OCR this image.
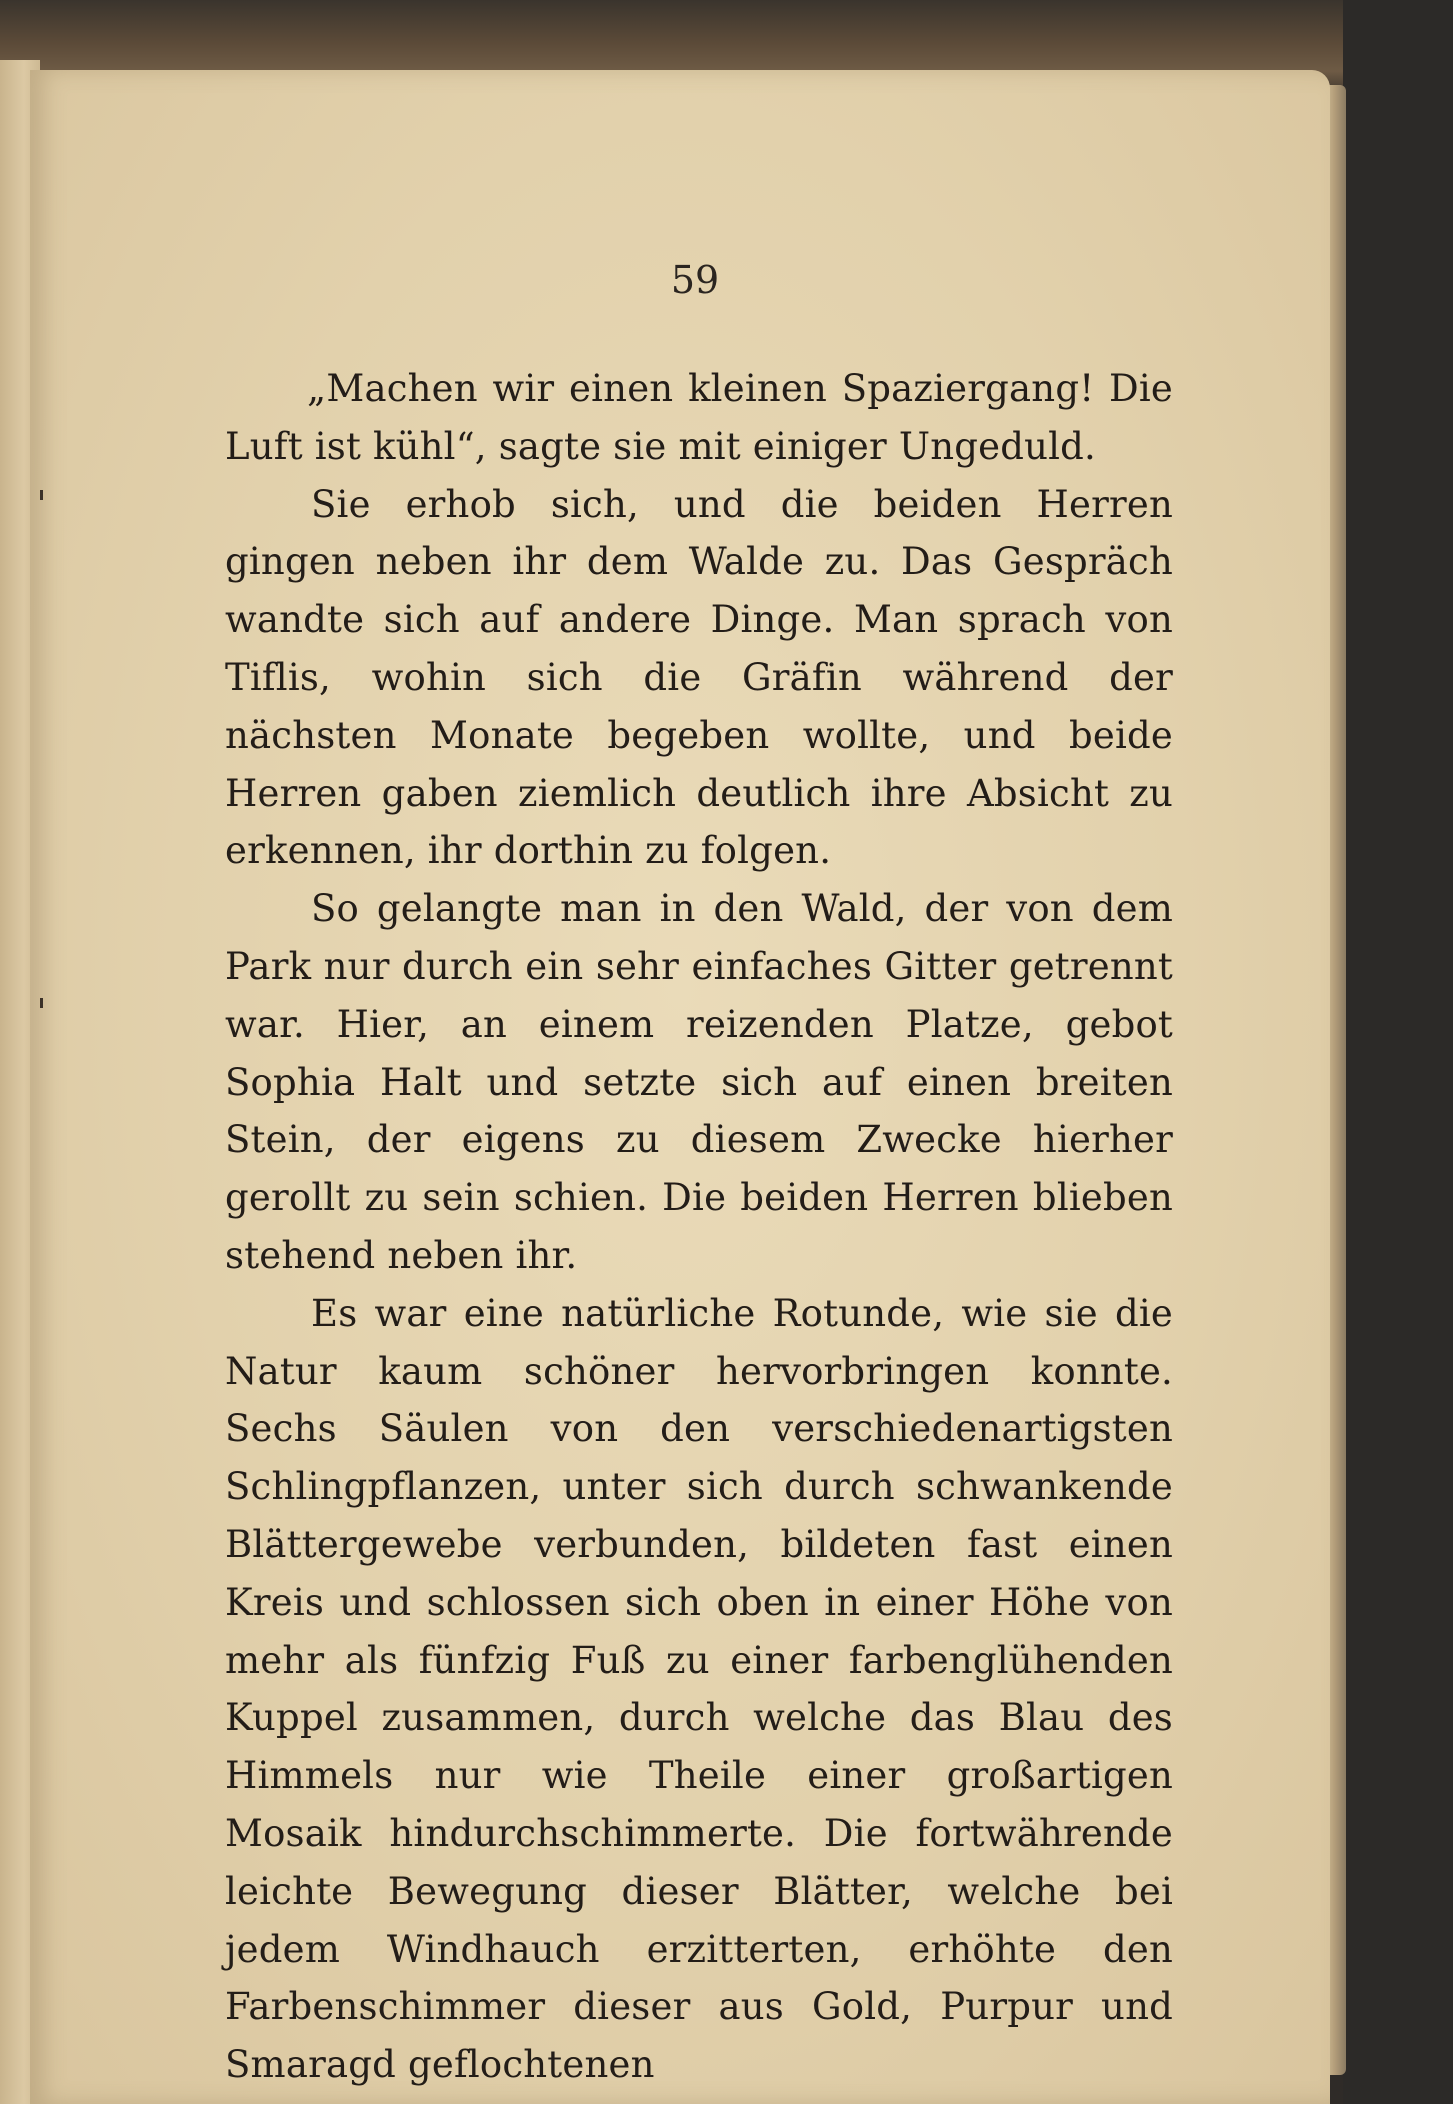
59

„Machen wir einen kleinen Spaziergang! Die Luft ist kühl“, sagte sie mit einiger Ungeduld.

Sie erhob sich, und die beiden Herren gingen neben ihr dem Walde zu. Das Gespräch wandte sich auf andere Dinge. Man sprach von Tiflis, wohin sich die Gräfin während der nächsten Monate begeben wollte, und beide Herren gaben ziemlich deutlich ihre Absicht zu erkennen, ihr dorthin zu folgen.

So gelangte man in den Wald, der von dem Park nur durch ein sehr einfaches Gitter getrennt war. Hier, an einem reizenden Platze, gebot Sophia Halt und setzte sich auf einen breiten Stein, der eigens zu diesem Zwecke hierher gerollt zu sein schien. Die beiden Herren blieben stehend neben ihr.

Es war eine natürliche Rotunde, wie sie die Natur kaum schöner hervorbringen konnte. Sechs Säulen von den verschiedenartigsten Schlingpflanzen, unter sich durch schwankende Blättergewebe verbunden, bildeten fast einen Kreis und schlossen sich oben in einer Höhe von mehr als fünfzig Fuß zu einer farbenglühenden Kuppel zusammen, durch welche das Blau des Himmels nur wie Theile einer großartigen Mosaik hindurchschimmerte. Die fortwährende leichte Bewegung dieser Blätter, welche bei jedem Windhauch erzitterten, erhöhte den Farbenschimmer dieser aus Gold, Purpur und Smaragd geflochtenen
